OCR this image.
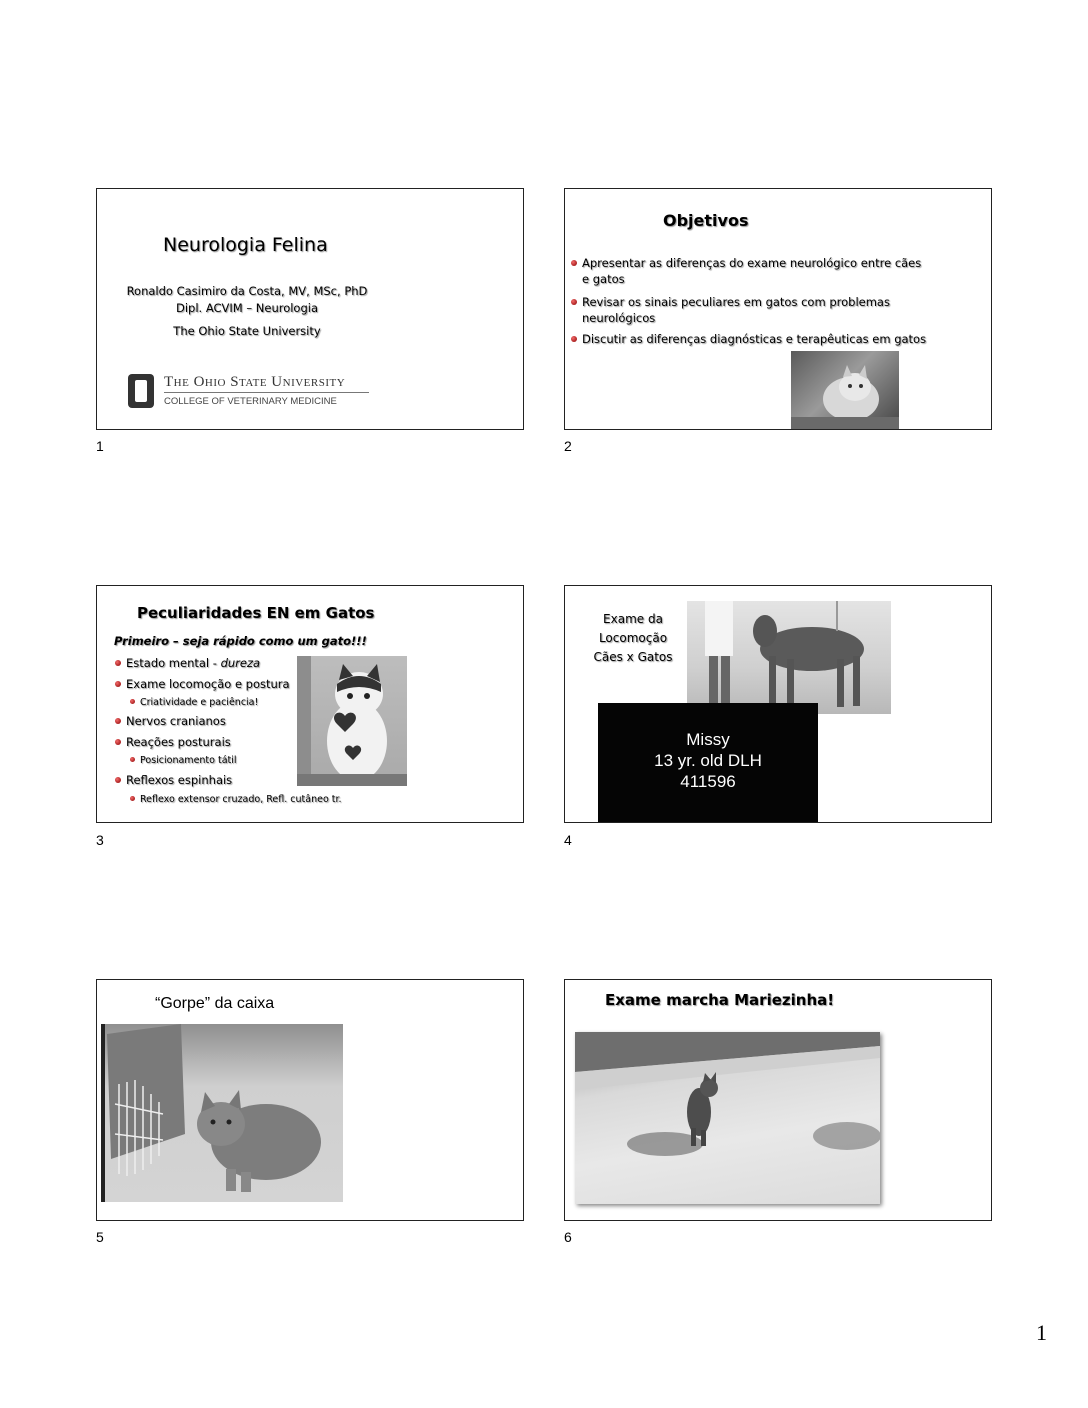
Neurologia Felina
Ronaldo Casimiro da Costa, MV, MSc, PhD
Dipl. ACVIM – Neurologia
The Ohio State University
The Ohio State University
COLLEGE OF VETERINARY MEDICINE
1
Objetivos
Apresentar as diferenças do exame neurológico entre cães e gatos
Revisar os sinais peculiares em gatos com problemas neurológicos
Discutir as diferenças diagnósticas e terapêuticas em gatos
2
Peculiaridades EN em Gatos
Primeiro – seja rápido como um gato!!!
Estado mental - dureza
Exame locomoção e postura
Criatividade e paciência!
Nervos cranianos
Reações posturais
Posicionamento tátil
Reflexos espinhais
Reflexo extensor cruzado, Refl. cutâneo tr.
3
Exame da
Locomoção
Cães x Gatos
Missy
13 yr. old DLH
411596
4
“Gorpe” da caixa
5
Exame marcha Mariezinha!
6
1
